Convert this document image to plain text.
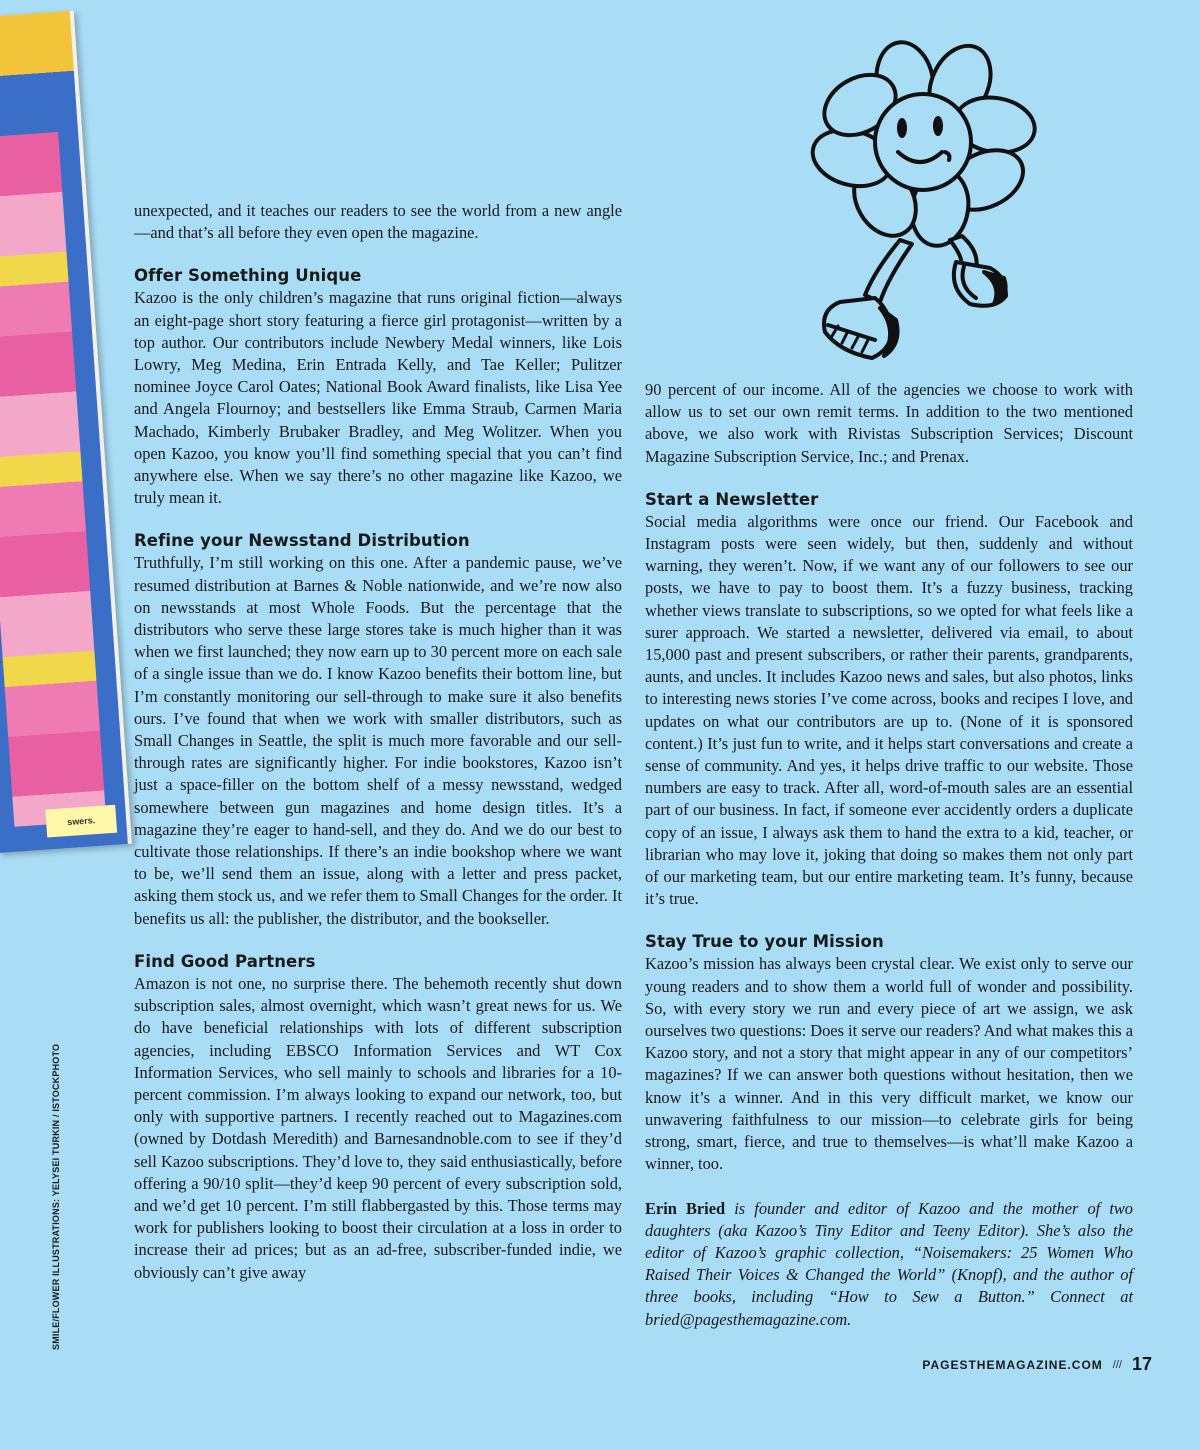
swers.
SMILE/FLOWER ILLUSTRATIONS: YELYSEI TURKIN / ISTOCKPHOTO

unexpected, and it teaches our readers to see the world from a new angle—and that’s all before they even open the magazine.

Offer Something Unique

Kazoo is the only children’s magazine that runs original fiction—always an eight-page short story featuring a fierce girl protagonist—written by a top author. Our contributors include Newbery Medal winners, like Lois Lowry, Meg Medina, Erin Entrada Kelly, and Tae Keller; Pulitzer nominee Joyce Carol Oates; National Book Award finalists, like Lisa Yee and Angela Flournoy; and bestsellers like Emma Straub, Carmen Maria Machado, Kimberly Brubaker Bradley, and Meg Wolitzer. When you open Kazoo, you know you’ll find something special that you can’t find anywhere else. When we say there’s no other magazine like Kazoo, we truly mean it.

Refine your Newsstand Distribution

Truthfully, I’m still working on this one. After a pandemic pause, we’ve resumed distribution at Barnes & Noble nationwide, and we’re now also on newsstands at most Whole Foods. But the percentage that the distributors who serve these large stores take is much higher than it was when we first launched; they now earn up to 30 percent more on each sale of a single issue than we do. I know Kazoo benefits their bottom line, but I’m constantly monitoring our sell-through to make sure it also benefits ours. I’ve found that when we work with smaller distributors, such as Small Changes in Seattle, the split is much more favorable and our sell-through rates are significantly higher. For indie bookstores, Kazoo isn’t just a space-filler on the bottom shelf of a messy newsstand, wedged somewhere between gun magazines and home design titles. It’s a magazine they’re eager to hand-sell, and they do. And we do our best to cultivate those relationships. If there’s an indie bookshop where we want to be, we’ll send them an issue, along with a letter and press packet, asking them stock us, and we refer them to Small Changes for the order. It benefits us all: the publisher, the distributor, and the bookseller.

Find Good Partners

Amazon is not one, no surprise there. The behemoth recently shut down subscription sales, almost overnight, which wasn’t great news for us. We do have beneficial relationships with lots of different subscription agencies, including EBSCO Information Services and WT Cox Information Services, who sell mainly to schools and libraries for a 10-percent commission. I’m always looking to expand our network, too, but only with supportive partners. I recently reached out to Magazines.com (owned by Dotdash Meredith) and Barnesandnoble.com to see if they’d sell Kazoo subscriptions. They’d love to, they said enthusiastically, before offering a 90/10 split—they’d keep 90 percent of every subscription sold, and we’d get 10 percent. I’m still flabbergasted by this. Those terms may work for publishers looking to boost their circulation at a loss in order to increase their ad prices; but as an ad-free, subscriber-funded indie, we obviously can’t give away

90 percent of our income. All of the agencies we choose to work with allow us to set our own remit terms. In addition to the two mentioned above, we also work with Rivistas Subscription Services; Discount Magazine Subscription Service, Inc.; and Prenax.

Start a Newsletter

Social media algorithms were once our friend. Our Facebook and Instagram posts were seen widely, but then, suddenly and without warning, they weren’t. Now, if we want any of our followers to see our posts, we have to pay to boost them. It’s a fuzzy business, tracking whether views translate to subscriptions, so we opted for what feels like a surer approach. We started a newsletter, delivered via email, to about 15,000 past and present subscribers, or rather their parents, grandparents, aunts, and uncles. It includes Kazoo news and sales, but also photos, links to interesting news stories I’ve come across, books and recipes I love, and updates on what our contributors are up to. (None of it is sponsored content.) It’s just fun to write, and it helps start conversations and create a sense of community. And yes, it helps drive traffic to our website. Those numbers are easy to track. After all, word-of-mouth sales are an essential part of our business. In fact, if someone ever accidently orders a duplicate copy of an issue, I always ask them to hand the extra to a kid, teacher, or librarian who may love it, joking that doing so makes them not only part of our marketing team, but our entire marketing team. It’s funny, because it’s true.

Stay True to your Mission

Kazoo’s mission has always been crystal clear. We exist only to serve our young readers and to show them a world full of wonder and possibility. So, with every story we run and every piece of art we assign, we ask ourselves two questions: Does it serve our readers? And what makes this a Kazoo story, and not a story that might appear in any of our competitors’ magazines? If we can answer both questions without hesitation, then we know it’s a winner. And in this very difficult market, we know our unwavering faithfulness to our mission—to celebrate girls for being strong, smart, fierce, and true to themselves—is what’ll make Kazoo a winner, too.

Erin Bried is founder and editor of Kazoo and the mother of two daughters (aka Kazoo’s Tiny Editor and Teeny Editor). She’s also the editor of Kazoo’s graphic collection, “Noisemakers: 25 Women Who Raised Their Voices & Changed the World” (Knopf), and the author of three books, including “How to Sew a Button.” Connect at bried@pagesthemagazine.com.

PAGESTHEMAGAZINE.COM /// 17
